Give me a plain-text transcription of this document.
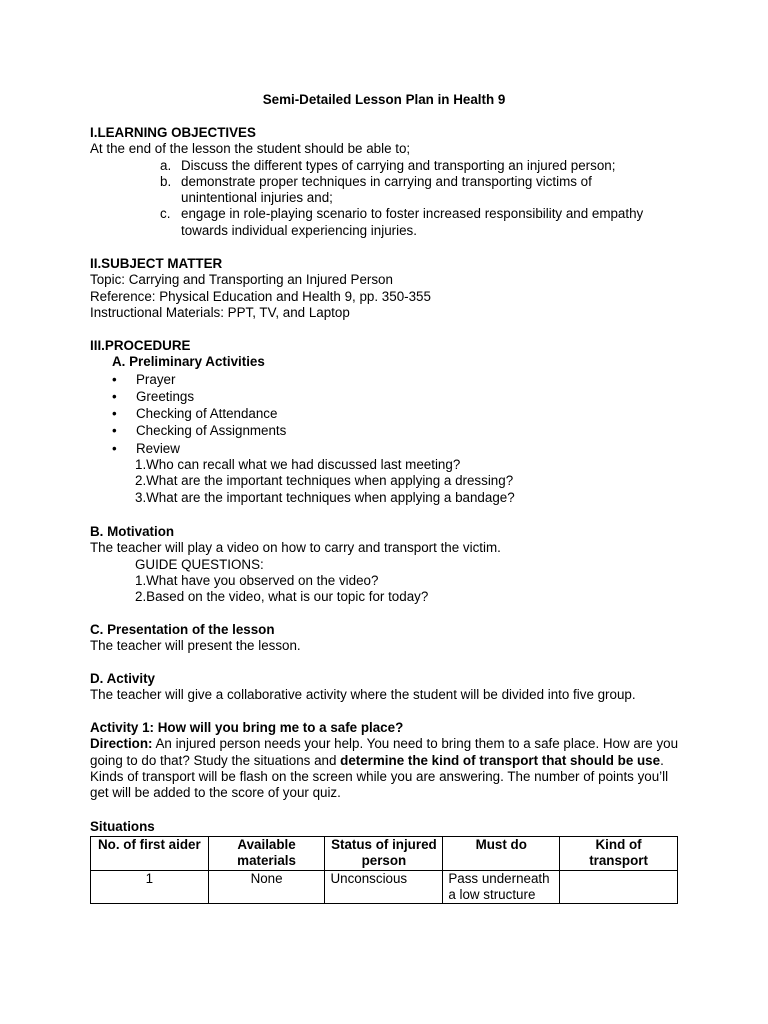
Semi-Detailed Lesson Plan in Health 9
I.LEARNING OBJECTIVES
At the end of the lesson the student should be able to;
a. Discuss the different types of carrying and transporting an injured person;
b. demonstrate proper techniques in carrying and transporting victims of unintentional injuries and;
c. engage in role-playing scenario to foster increased responsibility and empathy towards individual experiencing injuries.
II.SUBJECT MATTER
Topic: Carrying and Transporting an Injured Person
Reference: Physical Education and Health 9, pp. 350-355
Instructional Materials: PPT, TV, and Laptop
III.PROCEDURE
A. Preliminary Activities
•	Prayer
•	Greetings
•	Checking of Attendance
•	Checking of Assignments
•	Review
1.Who can recall what we had discussed last meeting?
2.What are the important techniques when applying a dressing?
3.What are the important techniques when applying a bandage?
B. Motivation
The teacher will play a video on how to carry and transport the victim.
GUIDE QUESTIONS:
1.What have you observed on the video?
2.Based on the video, what is our topic for today?
C. Presentation of the lesson
The teacher will present the lesson.
D. Activity
The teacher will give a collaborative activity where the student will be divided into five group.
Activity 1: How will you bring me to a safe place?
Direction: An injured person needs your help. You need to bring them to a safe place. How are you going to do that? Study the situations and determine the kind of transport that should be use. Kinds of transport will be flash on the screen while you are answering. The number of points you’ll get will be added to the score of your quiz.
Situations
No. of first aider	Available materials	Status of injured person	Must do	Kind of transport
1	None	Unconscious	Pass underneath a low structure	
